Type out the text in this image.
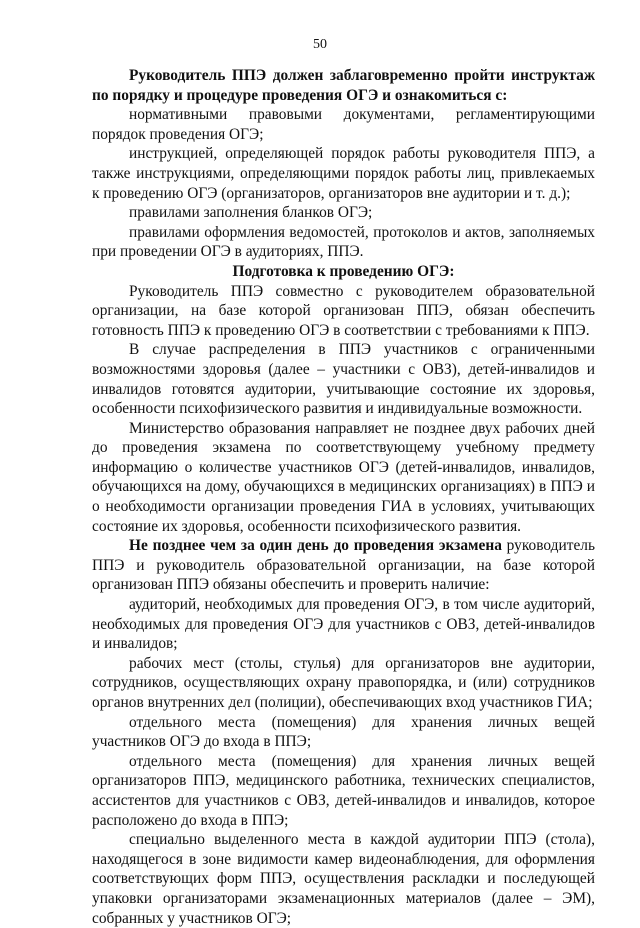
50

Руководитель ППЭ должен заблаговременно пройти инструктаж по порядку и процедуре проведения ОГЭ и ознакомиться с:

нормативными правовыми документами, регламентирующими порядок проведения ОГЭ;

инструкцией, определяющей порядок работы руководителя ППЭ, а также инструкциями, определяющими порядок работы лиц, привлекаемых к проведению ОГЭ (организаторов, организаторов вне аудитории и т. д.);

правилами заполнения бланков ОГЭ;

правилами оформления ведомостей, протоколов и актов, заполняемых при проведении ОГЭ в аудиториях, ППЭ.

Подготовка к проведению ОГЭ:

Руководитель ППЭ совместно с руководителем образовательной организации, на базе которой организован ППЭ, обязан обеспечить готовность ППЭ к проведению ОГЭ в соответствии с требованиями к ППЭ.

В случае распределения в ППЭ участников с ограниченными возможностями здоровья (далее – участники с ОВЗ), детей-инвалидов и инвалидов готовятся аудитории, учитывающие состояние их здоровья, особенности психофизического развития и индивидуальные возможности.

Министерство образования направляет не позднее двух рабочих дней до проведения экзамена по соответствующему учебному предмету информацию о количестве участников ОГЭ (детей-инвалидов, инвалидов, обучающихся на дому, обучающихся в медицинских организациях) в ППЭ и о необходимости организации проведения ГИА в условиях, учитывающих состояние их здоровья, особенности психофизического развития.

Не позднее чем за один день до проведения экзамена руководитель ППЭ и руководитель образовательной организации, на базе которой организован ППЭ обязаны обеспечить и проверить наличие:

аудиторий, необходимых для проведения ОГЭ, в том числе аудиторий, необходимых для проведения ОГЭ для участников с ОВЗ, детей-инвалидов и инвалидов;

рабочих мест (столы, стулья) для организаторов вне аудитории, сотрудников, осуществляющих охрану правопорядка, и (или) сотрудников органов внутренних дел (полиции), обеспечивающих вход участников ГИА;

отдельного места (помещения) для хранения личных вещей участников ОГЭ до входа в ППЭ;

отдельного места (помещения) для хранения личных вещей организаторов ППЭ, медицинского работника, технических специалистов, ассистентов для участников с ОВЗ, детей-инвалидов и инвалидов, которое расположено до входа в ППЭ;

специально выделенного места в каждой аудитории ППЭ (стола), находящегося в зоне видимости камер видеонаблюдения, для оформления соответствующих форм ППЭ, осуществления раскладки и последующей упаковки организаторами экзаменационных материалов (далее – ЭМ), собранных у участников ОГЭ;
